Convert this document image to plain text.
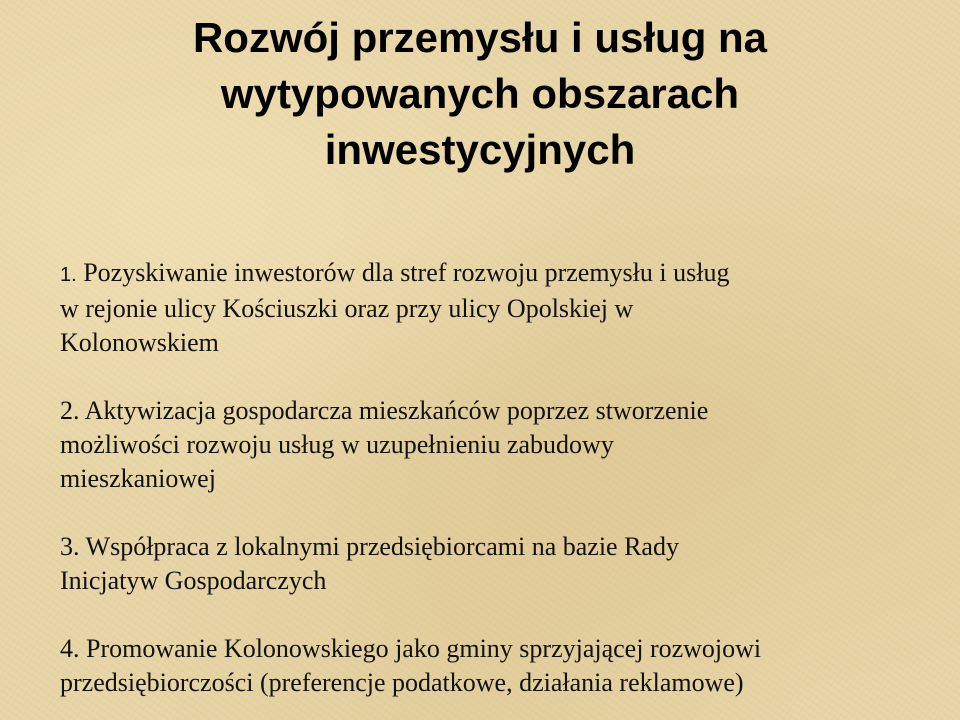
Rozwój przemysłu i usług na
wytypowanych obszarach
inwestycyjnych

1. Pozyskiwanie inwestorów dla stref rozwoju przemysłu i usług
w rejonie ulicy Kościuszki oraz przy ulicy Opolskiej w
Kolonowskiem

2. Aktywizacja gospodarcza mieszkańców poprzez stworzenie
możliwości rozwoju usług w uzupełnieniu zabudowy
mieszkaniowej

3. Współpraca z lokalnymi przedsiębiorcami na bazie Rady
Inicjatyw Gospodarczych

4. Promowanie Kolonowskiego jako gminy sprzyjającej rozwojowi
przedsiębiorczości (preferencje podatkowe, działania reklamowe)
